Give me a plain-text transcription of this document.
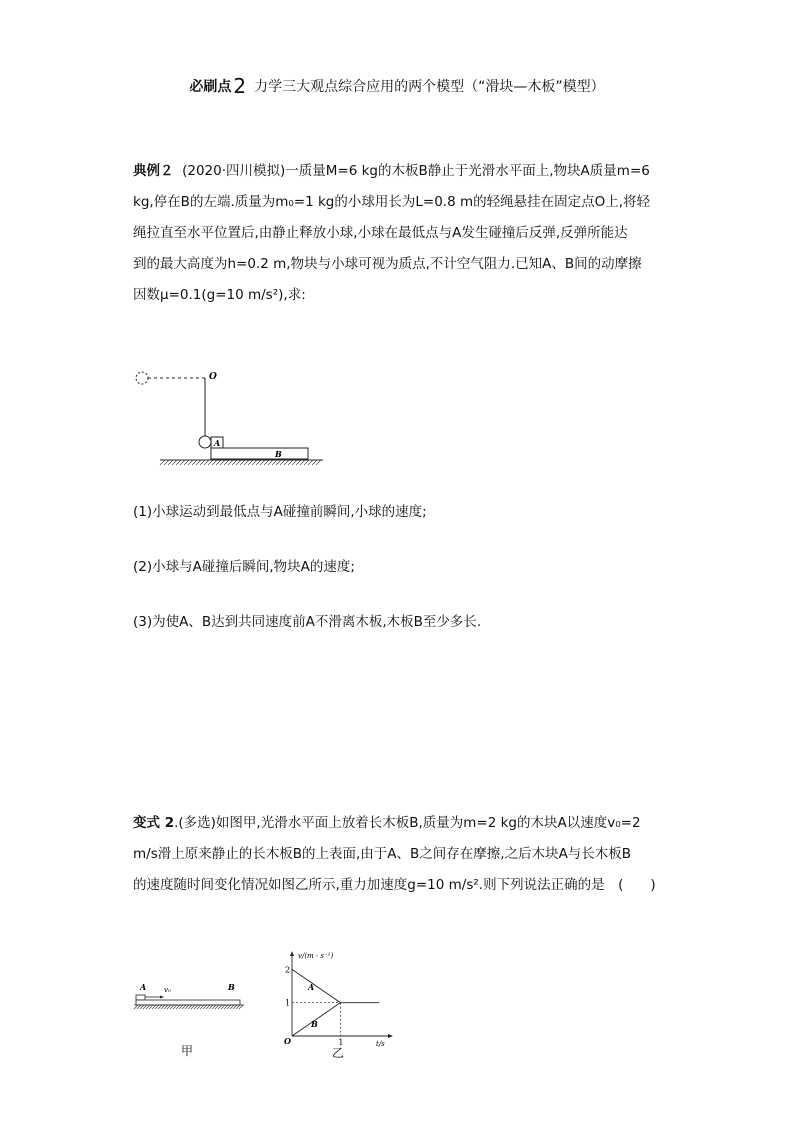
必刷点 2 力学三大观点综合应用的两个模型（“滑块—木板”模型）
典例２ (2020·四川模拟)一质量M=6 kg的木板B静止于光滑水平面上,物块A质量m=6
kg,停在B的左端.质量为m₀=1 kg的小球用长为L=0.8 m的轻绳悬挂在固定点O上,将轻
绳拉直至水平位置后,由静止释放小球,小球在最低点与A发生碰撞后反弹,反弹所能达
到的最大高度为h=0.2 m,物块与小球可视为质点,不计空气阻力.已知A、B间的动摩擦
因数μ=0.1(g=10 m/s²),求:
O
A
B
(1)小球运动到最低点与A碰撞前瞬间,小球的速度;
(2)小球与A碰撞后瞬间,物块A的速度;
(3)为使A、B达到共同速度前A不滑离木板,木板B至少多长.
变式 2.(多选)如图甲,光滑水平面上放着长木板B,质量为m=2 kg的木块A以速度v₀=2
m/s滑上原来静止的长木板B的上表面,由于A、B之间存在摩擦,之后木块A与长木板B
的速度随时间变化情况如图乙所示,重力加速度g=10 m/s².则下列说法正确的是　(　　)
A	v₀	B
甲
v/(m · s⁻¹)
t/s
O
2
1
1
A
B
乙
